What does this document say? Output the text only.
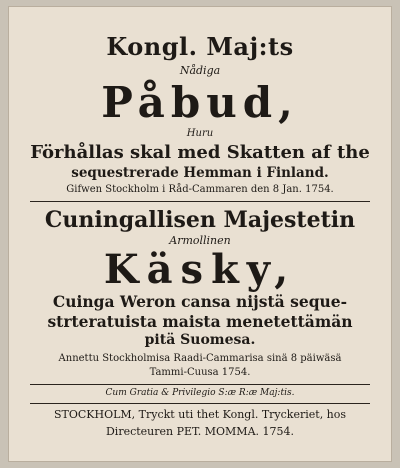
Kongl. Maj:ts
Nådiga
Påbud,
Huru
Förhållas skal med Skatten af the
sequestrerade Hemman i Finland.
Gifwen Stockholm i Råd-Cammaren den 8 Jan. 1754.
Cuningallisen Majestetin
Armollinen
Käsky,
Cuinga Weron cansa nijstä seque-
strteratuista maista menetettämän
pitä Suomesa.
Annettu Stockholmisa Raadi-Cammarisa sinä 8 päiwäsä
Tammi-Cuusa 1754.
Cum Gratia & Privilegio S:æ R:æ Maj:tis.
STOCKHOLM, Tryckt uti thet Kongl. Tryckeriet, hos
Directeuren PET. MOMMA. 1754.
